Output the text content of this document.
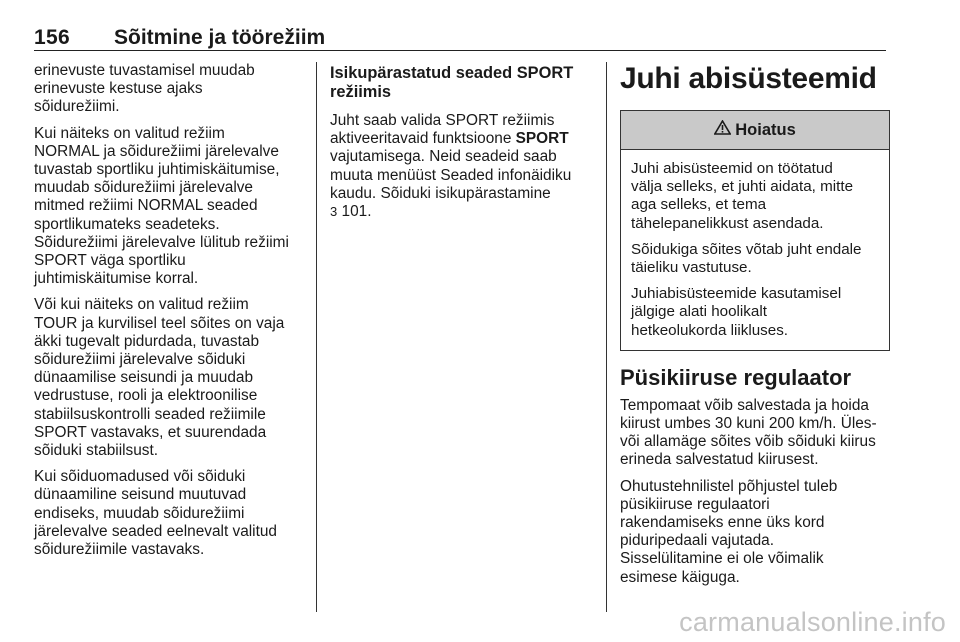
156 Sõitmine ja töörežiim

erinevuste tuvastamisel muudab
erinevuste kestuse ajaks
sõidurežiimi.

Kui näiteks on valitud režiim
NORMAL ja sõidurežiimi järelevalve
tuvastab sportliku juhtimiskäitumise,
muudab sõidurežiimi järelevalve
mitmed režiimi NORMAL seaded
sportlikumateks seadeteks.
Sõidurežiimi järelevalve lülitub režiimi
SPORT väga sportliku
juhtimiskäitumise korral.

Või kui näiteks on valitud režiim
TOUR ja kurvilisel teel sõites on vaja
äkki tugevalt pidurdada, tuvastab
sõidurežiimi järelevalve sõiduki
dünaamilise seisundi ja muudab
vedrustuse, rooli ja elektroonilise
stabiilsuskontrolli seaded režiimile
SPORT vastavaks, et suurendada
sõiduki stabiilsust.

Kui sõiduomadused või sõiduki
dünaamiline seisund muutuvad
endiseks, muudab sõidurežiimi
järelevalve seaded eelnevalt valitud
sõidurežiimile vastavaks.

Isikupärastatud seaded SPORT
režiimis

Juht saab valida SPORT režiimis
aktiveeritavaid funktsioone SPORT
vajutamisega. Neid seadeid saab
muuta menüüst Seaded infonäidiku
kaudu. Sõiduki isikupärastamine
3 101.

Juhi abisüsteemid
Hoiatus

Juhi abisüsteemid on töötatud
välja selleks, et juhti aidata, mitte
aga selleks, et tema
tähelepanelikkust asendada.

Sõidukiga sõites võtab juht endale
täieliku vastutuse.

Juhiabisüsteemide kasutamisel
jälgige alati hoolikalt
hetkeolukorda liikluses.

Püsikiiruse regulaator

Tempomaat võib salvestada ja hoida
kiirust umbes 30 kuni 200 km/h. Üles-
või allamäge sõites võib sõiduki kiirus
erineda salvestatud kiirusest.

Ohutustehnilistel põhjustel tuleb
püsikiiruse regulaatori
rakendamiseks enne üks kord
piduripedaali vajutada.
Sisselülitamine ei ole võimalik
esimese käiguga.

carmanualsonline.info
